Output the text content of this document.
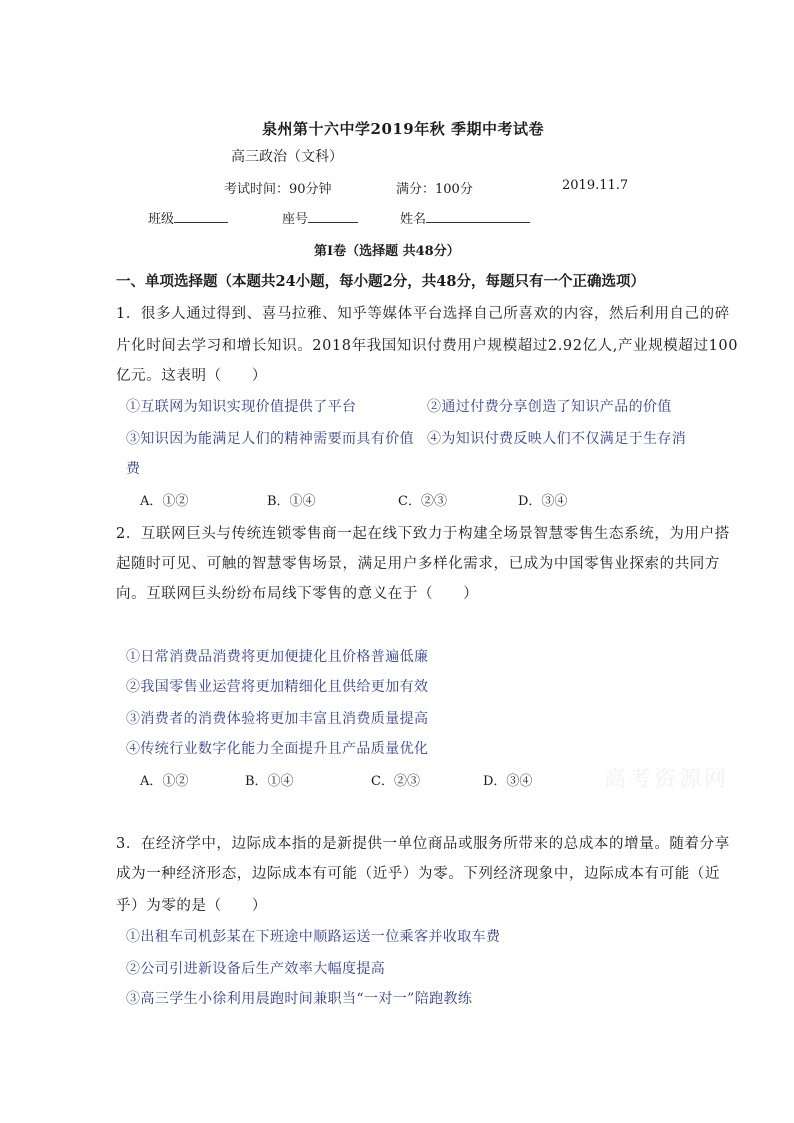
泉州第十六中学2019年秋 季期中考试卷
高三政治（文科）
考试时间：90分钟	满分：100分	2019.11.7
班级	座号	姓名
第Ⅰ卷（选择题 共48分）
一、单项选择题（本题共24小题，每小题2分，共48分，每题只有一个正确选项）
1．很多人通过得到、喜马拉雅、知乎等媒体平台选择自己所喜欢的内容，然后利用自己的碎
片化时间去学习和增长知识。2018年我国知识付费用户规模超过2.92亿人,产业规模超过100
亿元。这表明（　　）
①互联网为知识实现价值提供了平台	②通过付费分享创造了知识产品的价值
③知识因为能满足人们的精神需要而具有价值 ④为知识付费反映人们不仅满足于生存消
费
A．①②	B．①④	C．②③	D．③④
2．互联网巨头与传统连锁零售商一起在线下致力于构建全场景智慧零售生态系统，为用户搭
起随时可见、可触的智慧零售场景，满足用户多样化需求，已成为中国零售业探索的共同方
向。互联网巨头纷纷布局线下零售的意义在于（　　）
①日常消费品消费将更加便捷化且价格普遍低廉
②我国零售业运营将更加精细化且供给更加有效
③消费者的消费体验将更加丰富且消费质量提高
④传统行业数字化能力全面提升且产品质量优化
A．①②	B．①④	C．②③	D．③④	高考资源网
3．在经济学中，边际成本指的是新提供一单位商品或服务所带来的总成本的增量。随着分享
成为一种经济形态，边际成本有可能（近乎）为零。下列经济现象中，边际成本有可能（近
乎）为零的是（　　）
①出租车司机彭某在下班途中顺路运送一位乘客并收取车费
②公司引进新设备后生产效率大幅度提高
③高三学生小徐利用晨跑时间兼职当“一对一”陪跑教练
